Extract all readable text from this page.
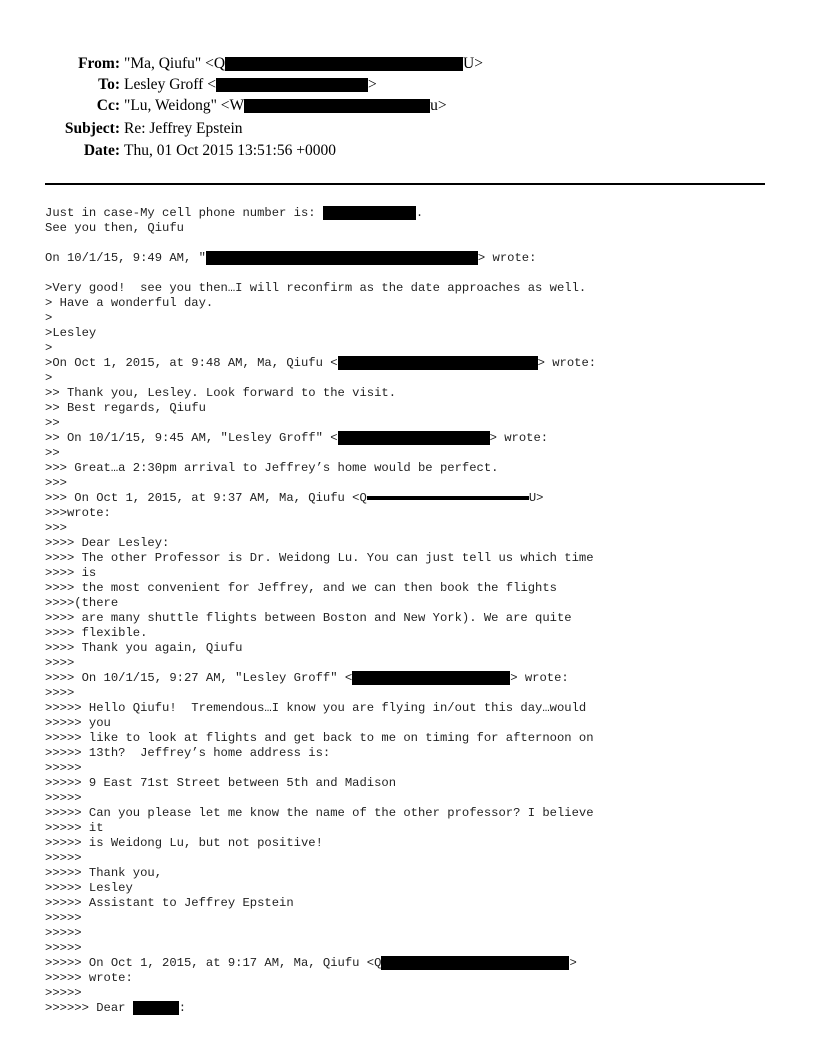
From: "Ma, Qiufu" <Q	U>
To: Lesley Groff <	>
Cc: "Lu, Weidong" <W	u>
Subject: Re: Jeffrey Epstein
Date: Thu, 01 Oct 2015 13:51:56 +0000
Just in case-My cell phone number is:	.
See you then, Qiufu
On 10/1/15, 9:49 AM, "	> wrote:
>Very good!  see you then…I will reconfirm as the date approaches as well.
> Have a wonderful day.
>
>Lesley
>
>On Oct 1, 2015, at 9:48 AM, Ma, Qiufu <	> wrote:
>
>> Thank you, Lesley. Look forward to the visit.
>> Best regards, Qiufu
>>
>> On 10/1/15, 9:45 AM, "Lesley Groff" <	> wrote:
>>
>>> Great…a 2:30pm arrival to Jeffrey’s home would be perfect.
>>>
>>> On Oct 1, 2015, at 9:37 AM, Ma, Qiufu <Q	U>
>>>wrote:
>>>
>>>> Dear Lesley:
>>>> The other Professor is Dr. Weidong Lu. You can just tell us which time
>>>> is
>>>> the most convenient for Jeffrey, and we can then book the flights
>>>>(there
>>>> are many shuttle flights between Boston and New York). We are quite
>>>> flexible.
>>>> Thank you again, Qiufu
>>>>
>>>> On 10/1/15, 9:27 AM, "Lesley Groff" <	> wrote:
>>>>
>>>>> Hello Qiufu!  Tremendous…I know you are flying in/out this day…would
>>>>> you
>>>>> like to look at flights and get back to me on timing for afternoon on
>>>>> 13th?  Jeffrey’s home address is:
>>>>>
>>>>> 9 East 71st Street between 5th and Madison
>>>>>
>>>>> Can you please let me know the name of the other professor? I believe
>>>>> it
>>>>> is Weidong Lu, but not positive!
>>>>>
>>>>> Thank you,
>>>>> Lesley
>>>>> Assistant to Jeffrey Epstein
>>>>>
>>>>>
>>>>>
>>>>> On Oct 1, 2015, at 9:17 AM, Ma, Qiufu <Q	>
>>>>> wrote:
>>>>>
>>>>>> Dear	:
